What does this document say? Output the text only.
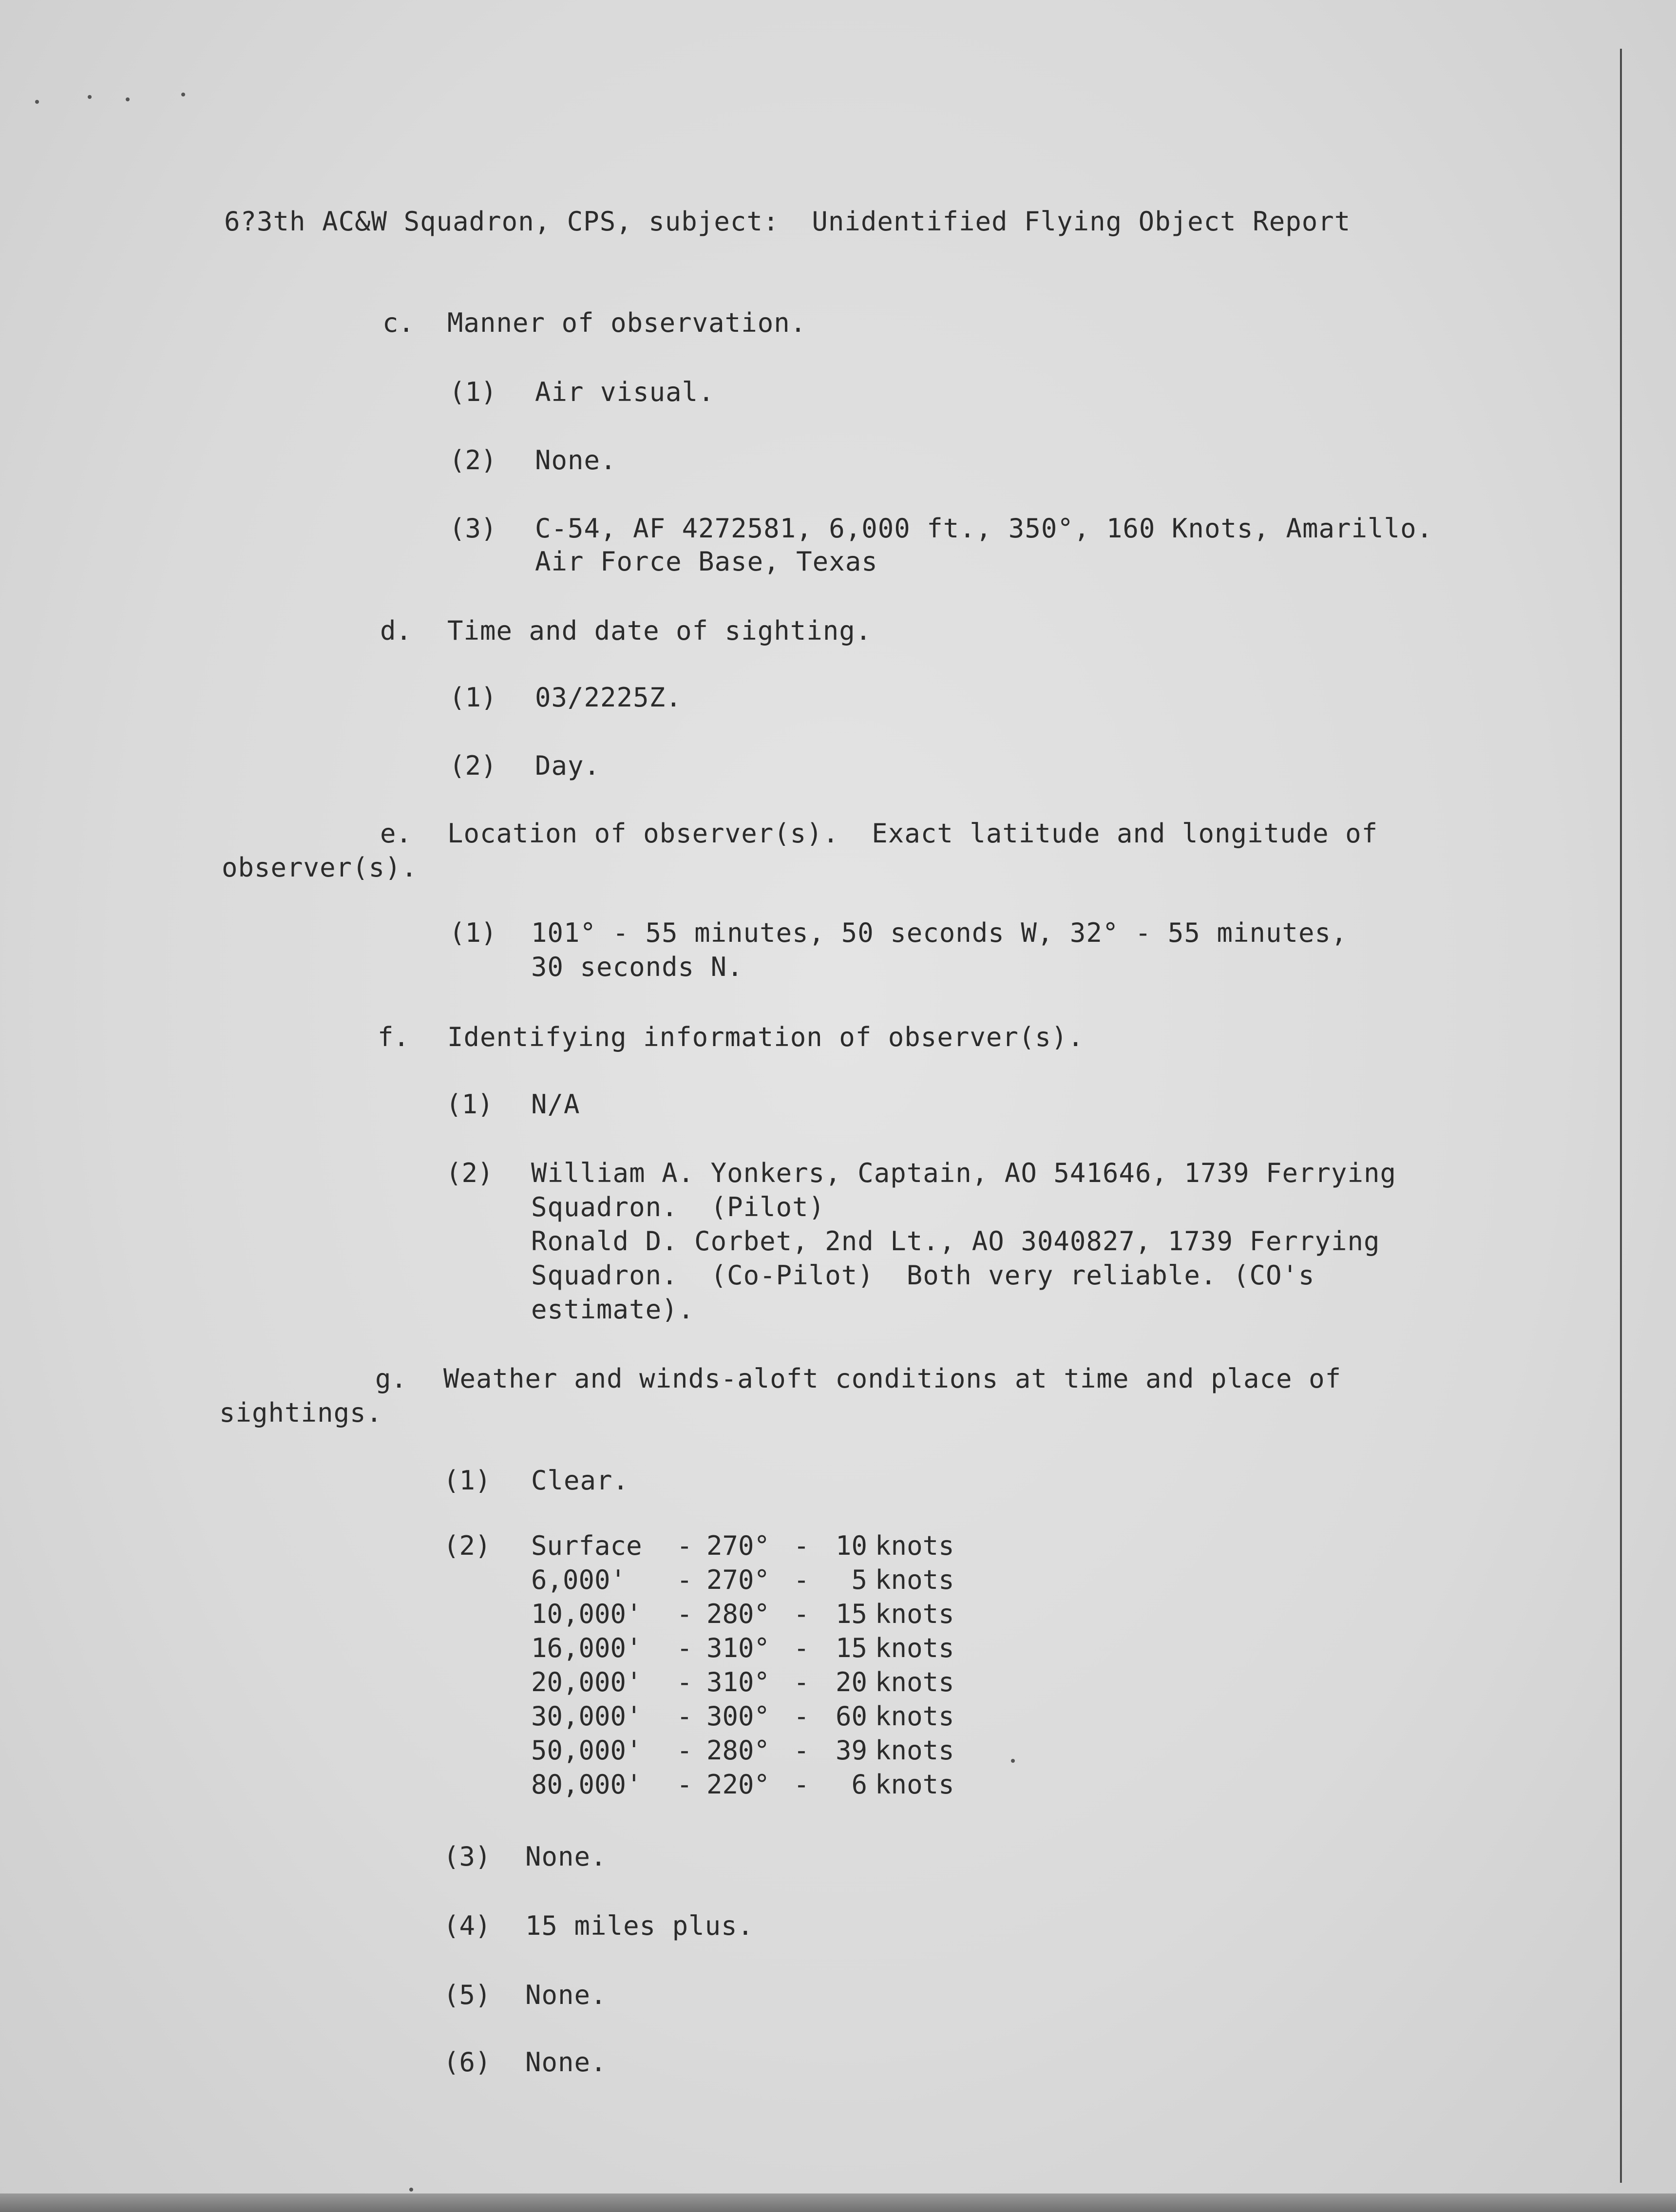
6?3th AC&W Squadron, CPS, subject:  Unidentified Flying Object Report
c. Manner of observation.
(1) Air visual.
(2) None.
(3) C-54, AF 4272581, 6,000 ft., 350°, 160 Knots, Amarillo.
Air Force Base, Texas
d. Time and date of sighting.
(1) 03/2225Z.
(2) Day.
e. Location of observer(s).  Exact latitude and longitude of
observer(s).
(1) 101° - 55 minutes, 50 seconds W, 32° - 55 minutes,
30 seconds N.
f. Identifying information of observer(s).
(1) N/A
(2) William A. Yonkers, Captain, AO 541646, 1739 Ferrying
Squadron.  (Pilot)
Ronald D. Corbet, 2nd Lt., AO 3040827, 1739 Ferrying
Squadron.  (Co-Pilot)  Both very reliable. (CO's
estimate).
g. Weather and winds-aloft conditions at time and place of
sightings.
(1) Clear.
(2) Surface	-	270°	-	10	knots
6,000'	-	270°	-	5	knots
10,000'	-	280°	-	15	knots
16,000'	-	310°	-	15	knots
20,000'	-	310°	-	20	knots
30,000'	-	300°	-	60	knots
50,000'	-	280°	-	39	knots
80,000'	-	220°	-	6	knots
(3) None.
(4) 15 miles plus.
(5) None.
(6) None.
